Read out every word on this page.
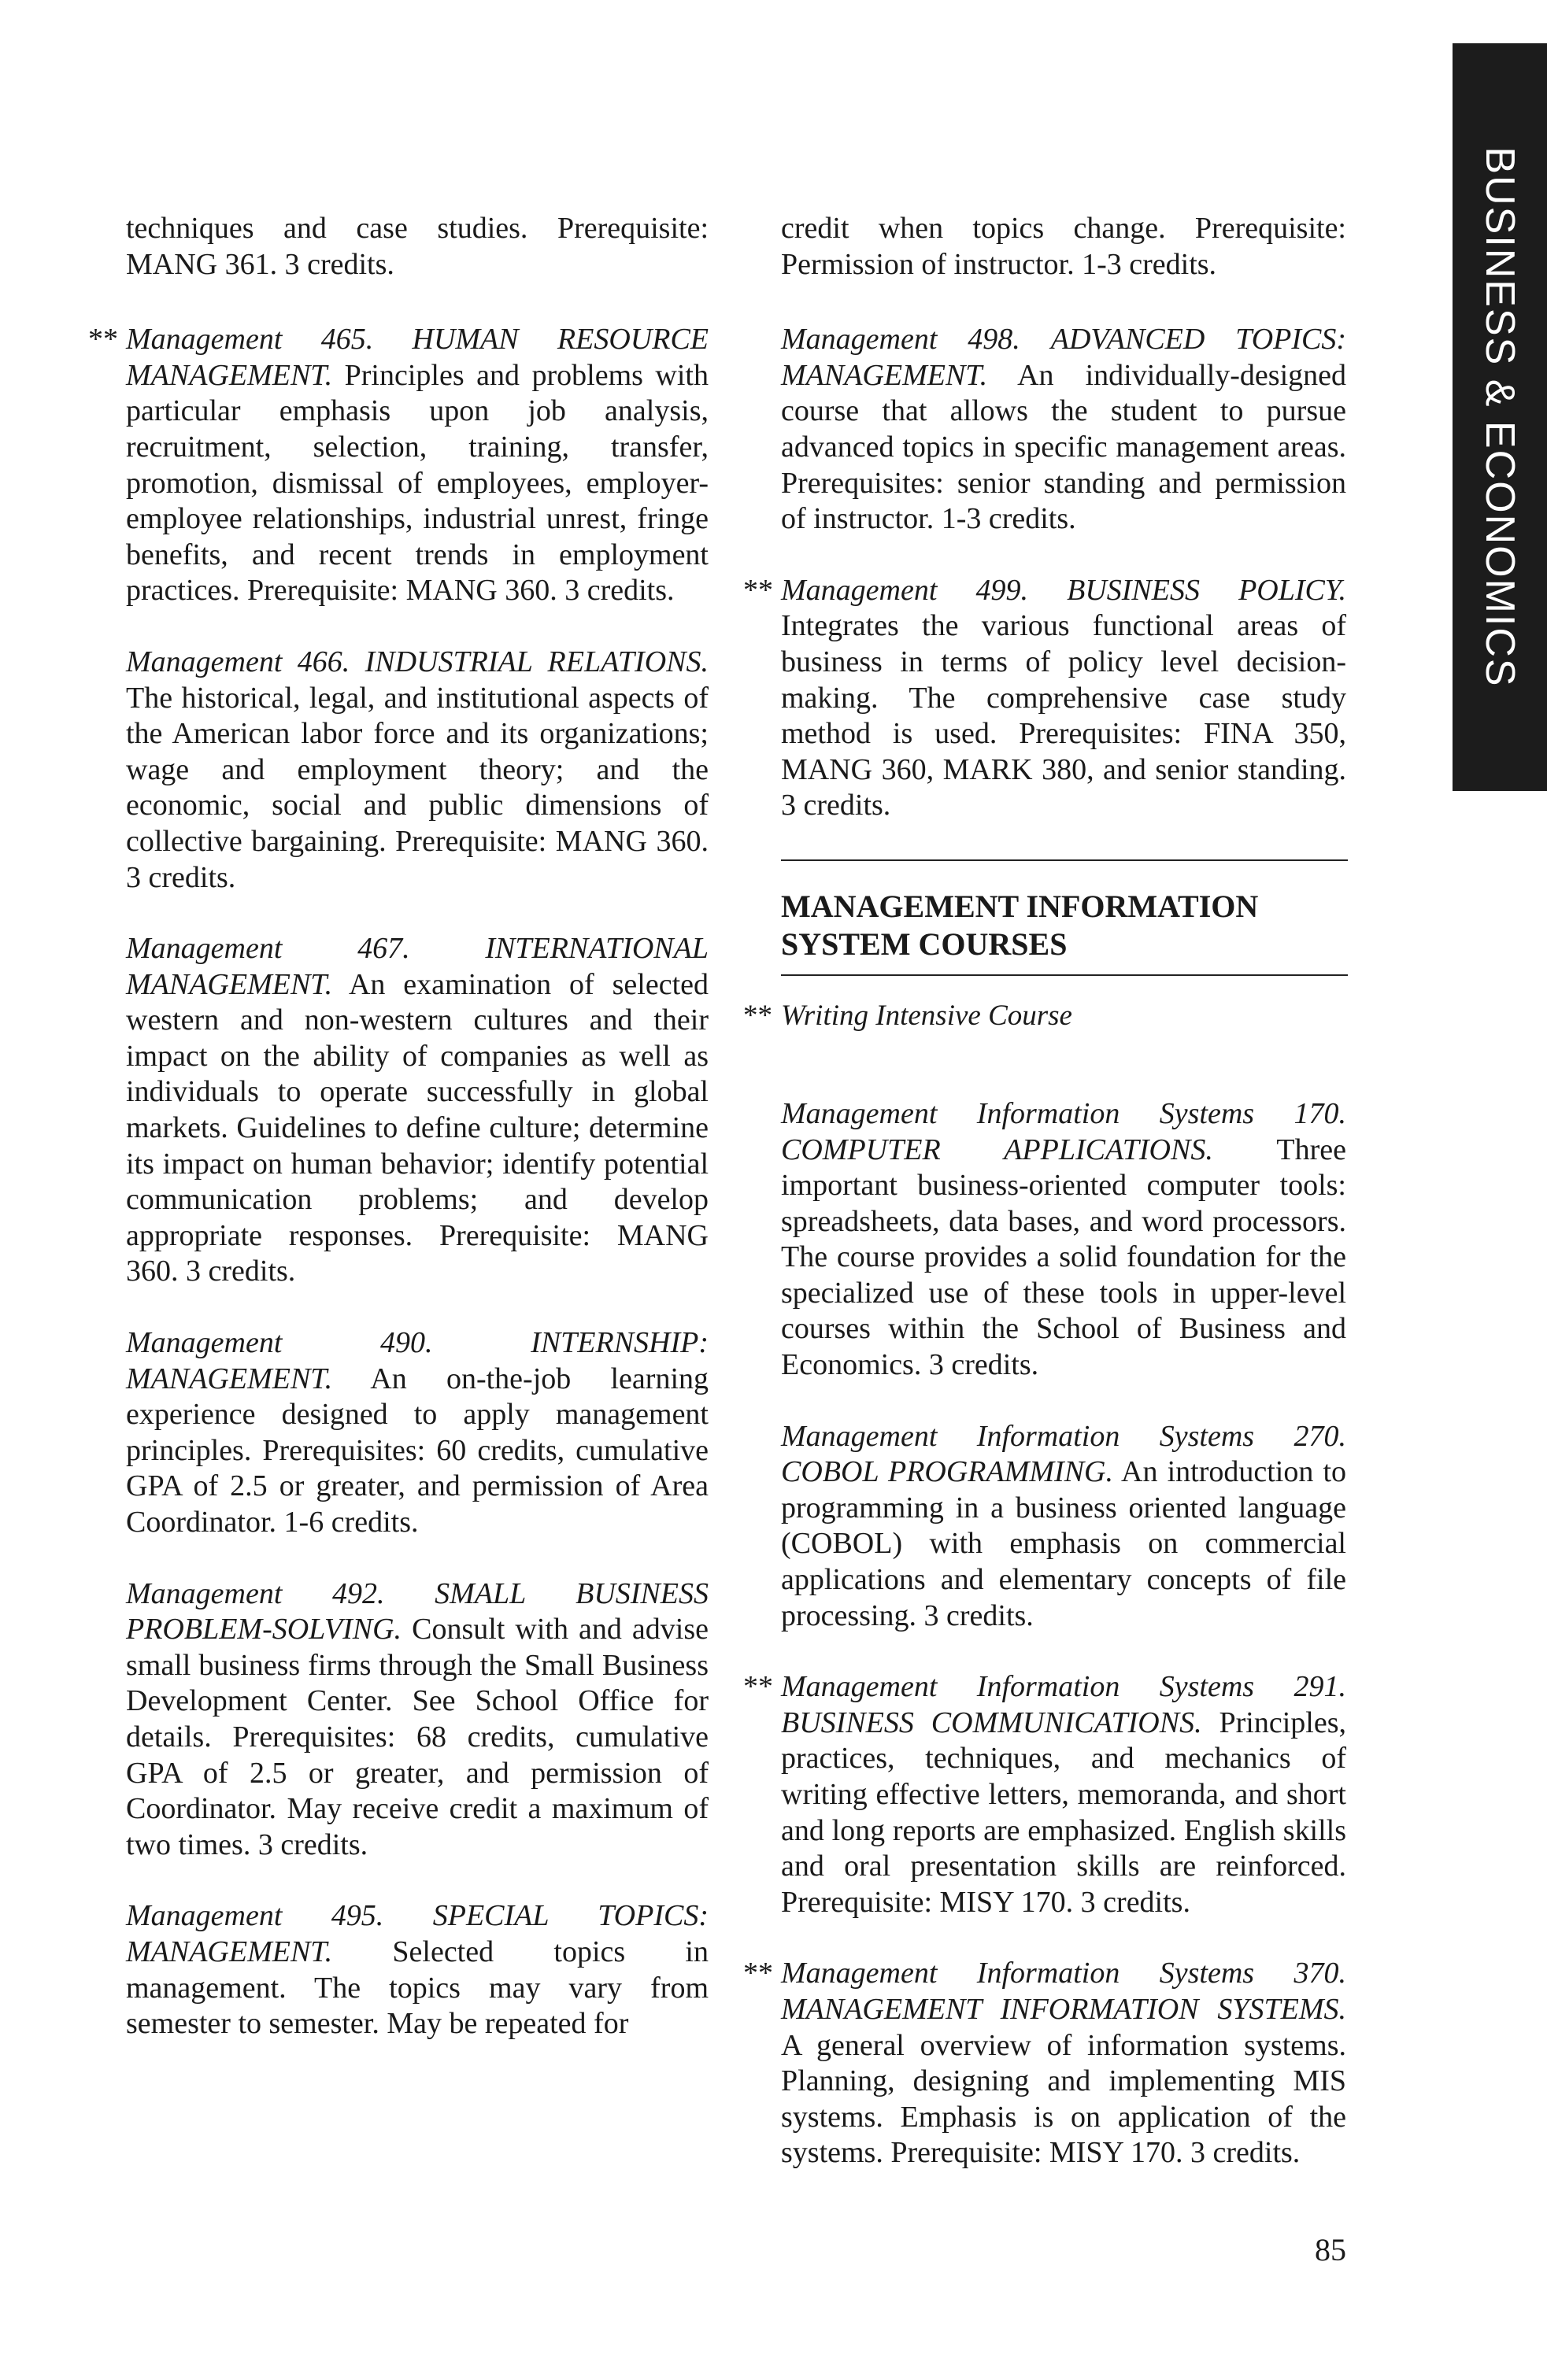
BUSINESS & ECONOMICS

techniques and case studies. Prerequisite: MANG 361. 3 credits.

** Management 465. HUMAN RESOURCE MANAGEMENT. Principles and problems with particular emphasis upon job analysis, recruitment, selection, training, transfer, promotion, dismissal of employees, employer-employee relationships, industrial unrest, fringe benefits, and recent trends in employment practices. Prerequisite: MANG 360. 3 credits.

Management 466. INDUSTRIAL RELATIONS. The historical, legal, and institutional aspects of the American labor force and its organizations; wage and employment theory; and the economic, social and public dimensions of collective bargaining. Prerequisite: MANG 360. 3 credits.

Management 467.	INTERNATIONAL MANAGEMENT. An examination of selected western and non-western cultures and their impact on the ability of companies as well as individuals to operate successfully in global markets. Guidelines to define culture; determine its impact on human behavior; identify potential communication problems; and develop appropriate responses. Prerequisite: MANG 360. 3 credits.

Management 490.	INTERNSHIP: MANAGEMENT. An on-the-job learning experience designed to apply management principles. Prerequisites: 60 credits, cumulative GPA of 2.5 or greater, and permission of Area Coordinator. 1-6 credits.

Management 492. SMALL BUSINESS PROBLEM-SOLVING. Consult with and advise small business firms through the Small Business Development Center. See School Office for details. Prerequisites: 68 credits, cumulative GPA of 2.5 or greater, and permission of Coordinator. May receive credit a maximum of two times. 3 credits.

Management 495. SPECIAL TOPICS: MANAGEMENT. Selected topics in management. The topics may vary from semester to semester. May be repeated for

credit when topics change. Prerequisite: Permission of instructor. 1-3 credits.

Management 498. ADVANCED TOPICS: MANAGEMENT. An individually-designed course that allows the student to pursue advanced topics in specific management areas. Prerequisites: senior standing and permission of instructor. 1-3 credits.

** Management 499. BUSINESS POLICY. Integrates the various functional areas of business in terms of policy level decision-making. The comprehensive case study method is used. Prerequisites: FINA 350, MANG 360, MARK 380, and senior standing. 3 credits.

MANAGEMENT INFORMATION SYSTEM COURSES

** Writing Intensive Course

Management Information Systems 170. COMPUTER APPLICATIONS. Three important business-oriented computer tools: spreadsheets, data bases, and word processors. The course provides a solid foundation for the specialized use of these tools in upper-level courses within the School of Business and Economics. 3 credits.

Management Information Systems 270. COBOL PROGRAMMING. An introduction to programming in a business oriented language (COBOL) with emphasis on commercial applications and elementary concepts of file processing. 3 credits.

** Management Information Systems 291. BUSINESS COMMUNICATIONS. Principles, practices, techniques, and mechanics of writing effective letters, memoranda, and short and long reports are emphasized. English skills and oral presentation skills are reinforced. Prerequisite: MISY 170. 3 credits.

** Management Information Systems 370. MANAGEMENT INFORMATION SYSTEMS. A general overview of information systems. Planning, designing and implementing MIS systems. Emphasis is on application of the systems. Prerequisite: MISY 170. 3 credits.

85
